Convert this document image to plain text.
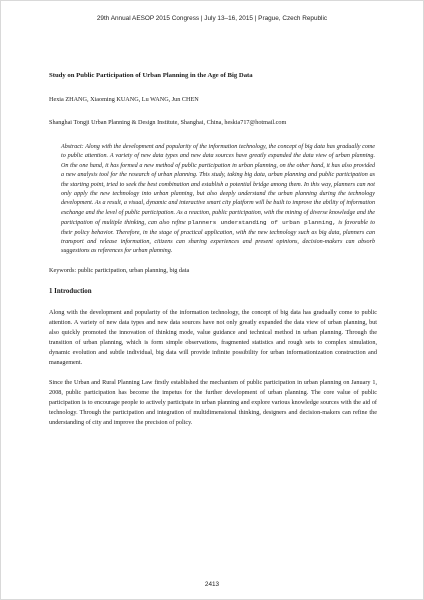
29th Annual AESOP 2015 Congress | July 13–16, 2015 | Prague, Czech Republic

Study on Public Participation of Urban Planning in the Age of Big Data

Hexia ZHANG, Xiaoming KUANG, Lu WANG, Jun CHEN

Shanghai Tongji Urban Planning & Design Institute, Shanghai, China, heskia717@hotmail.com

Abstract: Along with the development and popularity of the information technology, the concept of big data has gradually come to public attention. A variety of new data types and new data sources have greatly expanded the data view of urban planning. On the one hand, it has formed a new method of public participation in urban planning, on the other hand, it has also provided a new analysis tool for the research of urban planning. This study, taking big data, urban planning and public participation as the starting point, tried to seek the best combination and establish a potential bridge among them. In this way, planners can not only apply the new technology into urban planning, but also deeply understand the urban planning during the technology development. As a result, a visual, dynamic and interactive smart city platform will be built to improve the ability of information exchange and the level of public participation. As a reaction, public participation, with the mining of diverse knowledge and the participation of multiple thinking, can also refine planners understanding of urban planning, is favorable to their policy behavior. Therefore, in the stage of practical application, with the new technology such as big data, planners can transport and release information, citizens can sharing experiences and present opinions, decision-makers can absorb suggestions as references for urban planning.

Keywords: public participation, urban planning, big data

1 Introduction

Along with the development and popularity of the information technology, the concept of big data has gradually come to public attention. A variety of new data types and new data sources have not only greatly expanded the data view of urban planning, but also quickly promoted the innovation of thinking mode, value guidance and technical method in urban planning. Through the transition of urban planning, which is form simple observations, fragmented statistics and rough sets to complex simulation, dynamic evolution and subtle individual, big data will provide infinite possibility for urban informationization construction and management.

Since the Urban and Rural Planning Law firstly established the mechanism of public participation in urban planning on January 1, 2008, public participation has become the impetus for the further development of urban planning. The core value of public participation is to encourage people to actively participate in urban planning and explore various knowledge sources with the aid of technology. Through the participation and integration of multidimensional thinking, designers and decision-makers can refine the understanding of city and improve the precision of policy.

2413
